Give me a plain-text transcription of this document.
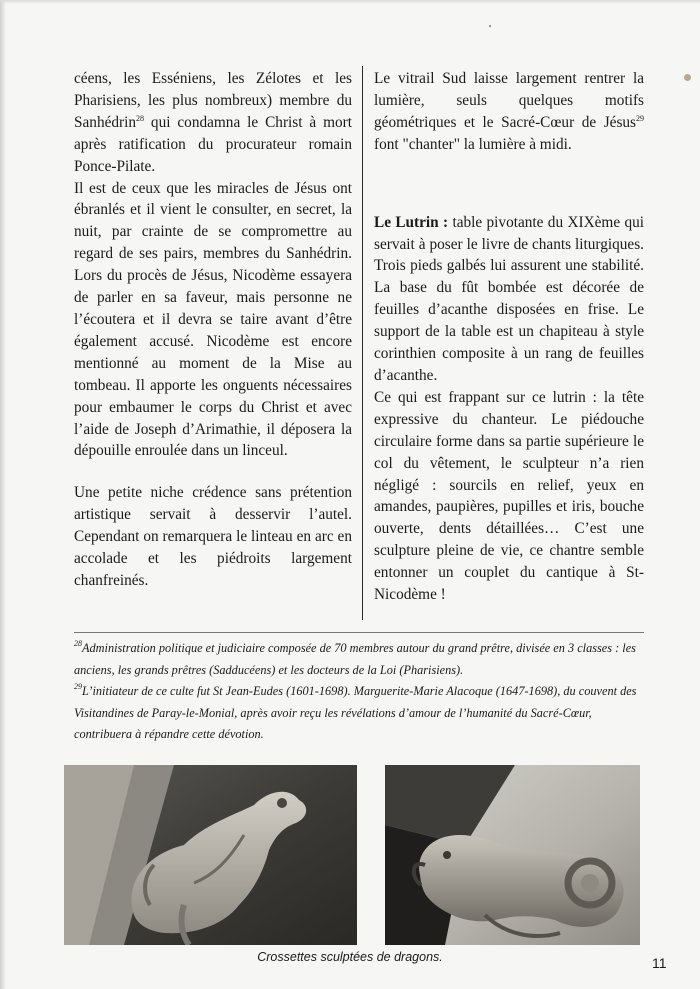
céens, les Esséniens, les Zélotes et les Pharisiens, les plus nombreux) membre du Sanhédrin$^{28}$ qui condamna le Christ à mort après ratification du procurateur romain Ponce-Pilate.

Il est de ceux que les miracles de Jésus ont ébranlés et il vient le consulter, en secret, la nuit, par crainte de se compromettre au regard de ses pairs, membres du Sanhédrin. Lors du procès de Jésus, Nicodème essayera de parler en sa faveur, mais personne ne l’écoutera et il devra se taire avant d’être également accusé. Nicodème est encore mentionné au moment de la Mise au tombeau. Il apporte les onguents nécessaires pour embaumer le corps du Christ et avec l’aide de Joseph d’Arimathie, il déposera la dépouille enroulée dans un linceul.

Une petite niche crédence sans prétention artistique servait à desservir l’autel. Cependant on remarquera le linteau en arc en accolade et les piédroits largement chanfreinés.

Le vitrail Sud laisse largement rentrer la lumière, seuls quelques motifs géométriques et le Sacré-Cœur de Jésus$^{29}$ font "chanter" la lumière à midi.

Le Lutrin : table pivotante du XIXème qui servait à poser le livre de chants liturgiques. Trois pieds galbés lui assurent une stabilité. La base du fût bombée est décorée de feuilles d’acanthe disposées en frise. Le support de la table est un chapiteau à style corinthien composite à un rang de feuilles d’acanthe.

Ce qui est frappant sur ce lutrin : la tête expressive du chanteur. Le piédouche circulaire forme dans sa partie supérieure le col du vêtement, le sculpteur n’a rien négligé : sourcils en relief, yeux en amandes, paupières, pupilles et iris, bouche ouverte, dents détaillées… C’est une sculpture pleine de vie, ce chantre semble entonner un couplet du cantique à St-Nicodème !

$^{28}$Administration politique et judiciaire composée de 70 membres autour du grand prêtre, divisée en 3 classes : les anciens, les grands prêtres (Sadducéens) et les docteurs de la Loi (Pharisiens).

$^{29}$L’initiateur de ce culte fut St Jean-Eudes (1601-1698). Marguerite-Marie Alacoque (1647-1698), du couvent des Visitandines de Paray-le-Monial, après avoir reçu les révélations d’amour de l’humanité du Sacré-Cœur, contribuera à répandre cette dévotion.

Crossettes sculptées de dragons.	11
